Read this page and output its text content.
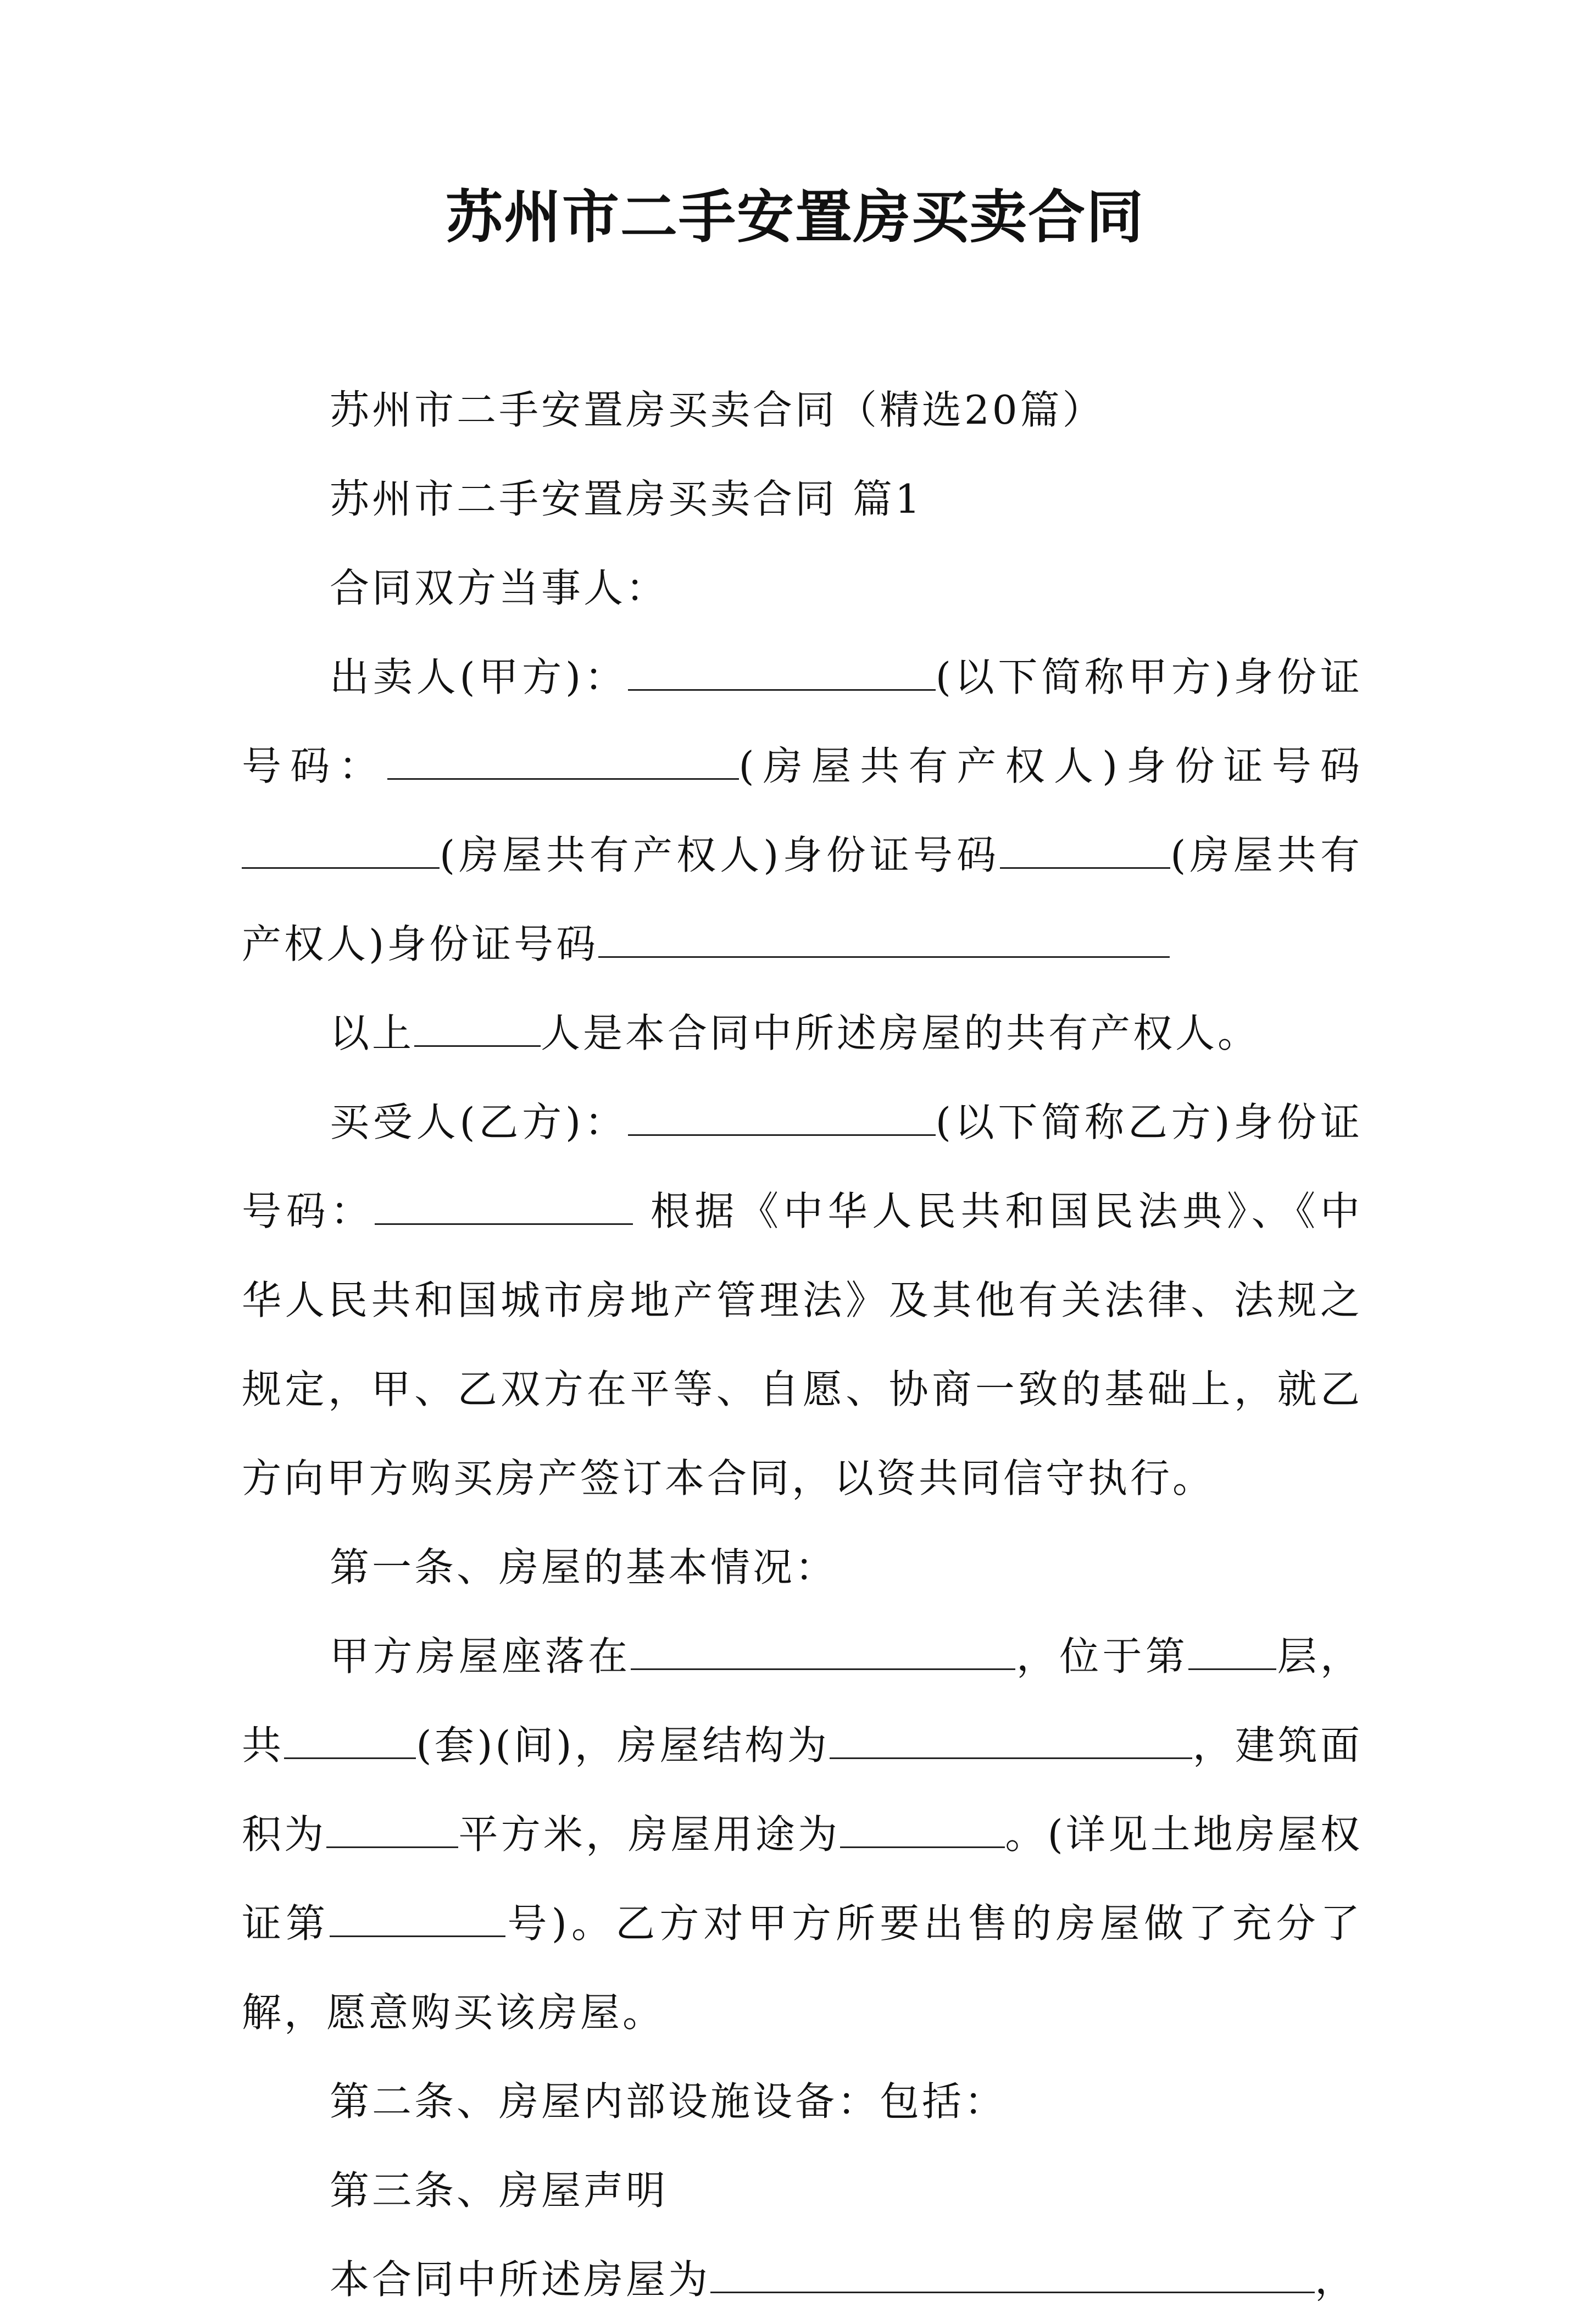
苏州市二手安置房买卖合同

苏州市二手安置房买卖合同（精选20篇）

苏州市二手安置房买卖合同 篇1

合同双方当事人：

出卖人(甲方)：	(以下简称甲方)身份证号码：	(房屋共有产权人)身份证号码(房屋共有产权人)身份证号码	(房屋共有产权人)身份证号码

以上	人是本合同中所述房屋的共有产权人。

买受人(乙方)：	(以下简称乙方)身份证号码：	根据《中华人民共和国民法典》、《中华人民共和国城市房地产管理法》及其他有关法律、法规之规定，甲、乙双方在平等、自愿、协商一致的基础上，就乙方向甲方购买房产签订本合同，以资共同信守执行。

第一条、房屋的基本情况：

甲方房屋座落在	，位于第 层，共	(套)(间)，房屋结构为	，建筑面积为	平方米，房屋用途为	。(详见土地房屋权证第	号)。乙方对甲方所要出售的房屋做了充分了解，愿意购买该房屋。

第二条、房屋内部设施设备：包括：

第三条、房屋声明

本合同中所述房屋为	，
